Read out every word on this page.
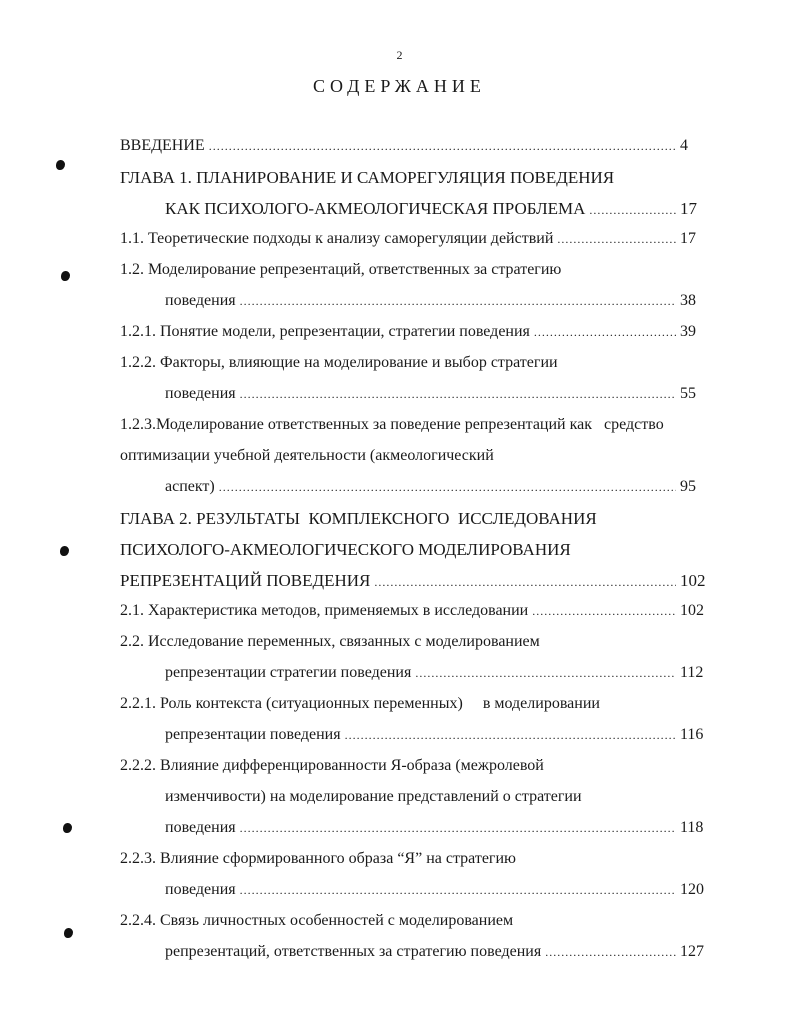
2
СОДЕРЖАНИЕ
ВВЕДЕНИЕ . . .	4
ГЛАВА 1. ПЛАНИРОВАНИЕ И САМОРЕГУЛЯЦИЯ ПОВЕДЕНИЯ
КАК ПСИХОЛОГО-АКМЕОЛОГИЧЕСКАЯ ПРОБЛЕМА . . .	17
1.1. Теоретические подходы к анализу саморегуляции действий . . .	17
1.2. Моделирование репрезентаций, ответственных за стратегию
поведения . . .	38
1.2.1. Понятие модели, репрезентации, стратегии поведения . . .	39
1.2.2. Факторы, влияющие на моделирование и выбор стратегии
поведения . . .	55
1.2.3.Моделирование ответственных за поведение репрезентаций как   средство
оптимизации учебной деятельности (акмеологический
аспект) . . .	95
ГЛАВА 2. РЕЗУЛЬТАТЫ  КОМПЛЕКСНОГО  ИССЛЕДОВАНИЯ
ПСИХОЛОГО-АКМЕОЛОГИЧЕСКОГО МОДЕЛИРОВАНИЯ
РЕПРЕЗЕНТАЦИЙ ПОВЕДЕНИЯ . . .	102
2.1. Характеристика методов, применяемых в исследовании . . .	102
2.2. Исследование переменных, связанных с моделированием
репрезентации стратегии поведения . . .	112
2.2.1. Роль контекста (ситуационных переменных)     в моделировании
репрезентации поведения . . .	116
2.2.2. Влияние дифференцированности Я-образа (межролевой
изменчивости) на моделирование представлений о стратегии
поведения . . .	118
2.2.3. Влияние сформированного образа “Я” на стратегию
поведения . . .	120
2.2.4. Связь личностных особенностей с моделированием
репрезентаций, ответственных за стратегию поведения . . .	127
